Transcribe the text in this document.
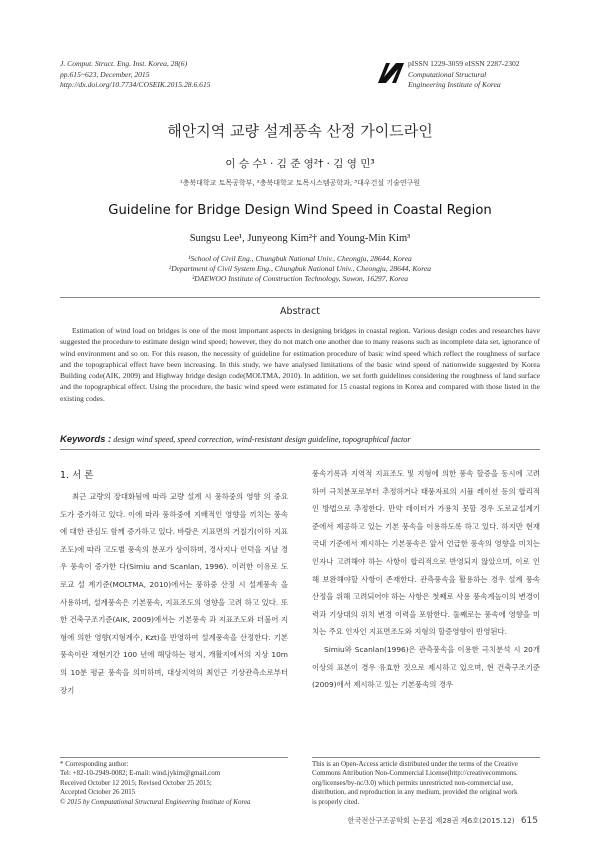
J. Comput. Struct. Eng. Inst. Korea, 28(6)
pp.615~623, December, 2015
http://dx.doi.org/10.7734/COSEIK.2015.28.6.615
pISSN 1229-3059 eISSN 2287-2302
Computational Structural
Engineering Institute of Korea
해안지역 교량 설계풍속 산정 가이드라인
이 승 수¹ · 김 준 영²† · 김 영 민³
¹충북대학교 토목공학부, ²충북대학교 토목시스템공학과, ³대우건설 기술연구원
Guideline for Bridge Design Wind Speed in Coastal Region
Sungsu Lee¹, Junyeong Kim²† and Young-Min Kim³
¹School of Civil Eng., Chungbuk National Univ., Cheongju, 28644, Korea
²Department of Civil System Eng., Chungbuk National Univ., Cheongju, 28644, Korea
³DAEWOO Institute of Construction Technology, Suwon, 16297, Korea
Abstract
Estimation of wind load on bridges is one of the most important aspects in designing bridges in coastal region. Various design codes and researches have suggested the procedure to estimate design wind speed; however, they do not match one another due to many reasons such as incomplete data set, ignorance of wind environment and so on. For this reason, the necessity of guideline for estimation procedure of basic wind speed which reflect the roughness of surface and the topographical effect have been increasing. In this study, we have analysed limitations of the basic wind speed of nationwide suggested by Korea Building code(AIK, 2009) and Highway bridge design code(MOLTMA, 2010). In addition, we set forth guidelines considering the roughness of land surface and the topographical effect. Using the procedure, the basic wind speed were estimated for 15 coastal regions in Korea and compared with those listed in the existing codes.
Keywords : design wind speed, speed correction, wind-resistant design guideline, topographical factor
1. 서 론
최근 교량의 장대화됨에 따라 교량 설계 시 풍하중의 영향 의 중요도가 증가하고 있다. 이에 따라 풍하중에 지배적인 영향을 끼치는 풍속에 대한 관심도 함께 증가하고 있다. 바람은 지표면의 거칠기(이하 지표조도)에 따라 고도별 풍속의 분포가 상이하며, 경사지나 언덕을 지날 경우 풍속이 증가한 다(Simiu and Scanlan, 1996). 이러한 이유로 도로교 설 계기준(MOLTMA, 2010)에서는 풍하중 산정 시 설계풍속 을 사용하며, 설계풍속은 기본풍속, 지표조도의 영향을 고려 하고 있다. 또한 건축구조기준(AIK, 2009)에서는 기본풍속 과 지표조도와 더불어 지형에 의한 영향(지형계수, Kzt)을 반영하여 설계풍속을 산정한다. 기본풍속이란 재현기간 100 년에 해당하는 평지, 개활지에서의 지상 10m의 10분 평균 풍속을 의미하며, 대상지역의 최인근 기상관측소로부터 장기
풍속기록과 지역적 지표조도 및 지형에 의한 풍속 할증을 동시에 고려하여 극치분포로부터 추정하거나 태풍자료의 시뮬 레이션 등의 합리적인 방법으로 추정한다. 만약 데이터가 가용치 못할 경우 도로교설계기준에서 제공하고 있는 기본 풍속을 이용하도록 하고 있다. 하지만 현재 국내 기준에서 제시하는 기본풍속은 앞서 언급한 풍속의 영향을 미치는 인자나 고려해야 하는 사항이 합리적으로 반영되지 않았으며, 이로 인해 보완해야할 사항이 존재한다. 관측풍속을 활용하는 경우 설계 풍속 산정을 위해 고려되어야 하는 사항은 첫째로 사용 풍속계높이의 변경이력과 기상대의 위치 변경 이력을 포함한다. 둘째로는 풍속에 영향을 미치는 주요 인자인 지표면조도와 지형의 할증영향이 반영된다.
Simiu와 Scanlan(1996)은 관측풍속을 이용한 극치분석 시 20개 이상의 표본이 경우 유효한 것으로 제시하고 있으며, 현 건축구조기준(2009)에서 제시하고 있는 기본풍속의 경우
* Corresponding author:
Tel: +82-10-2949-0082; E-mail: wind.jykim@gmail.com
Received October 12 2015; Revised October 25 2015;
Accepted October 26 2015
© 2015 by Computational Structural Engineering Institute of Korea
This is an Open-Access article distributed under the terms of the Creative
Commons Attribution Non-Commercial License(http://creativecommons.
org/licenses/by-nc/3.0) which permits unrestricted non-commercial use,
distribution, and reproduction in any medium, provided the original work
is properly cited.
한국전산구조공학회 논문집 제28권 제6호(2015.12) 615
